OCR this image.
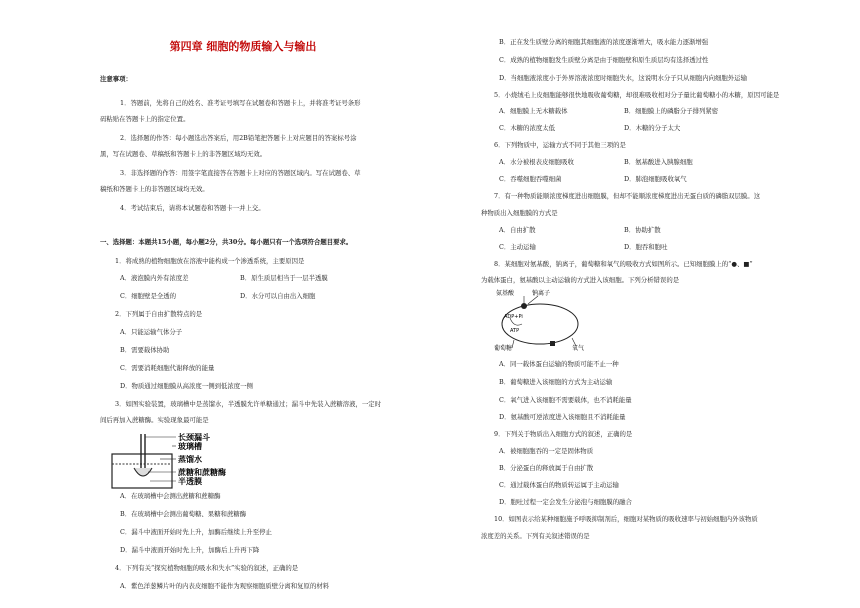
第四章 细胞的物质输入与输出
注意事项：
1．答题前，先将自己的姓名、准考证号填写在试题卷和答题卡上，并将准考证号条形
码粘贴在答题卡上的指定位置。
2．选择题的作答：每小题选出答案后，用2B铅笔把答题卡上对应题目的答案标号涂
黑，写在试题卷、草稿纸和答题卡上的非答题区域均无效。
3．非选择题的作答：用签字笔直接答在答题卡上对应的答题区域内。写在试题卷、草
稿纸和答题卡上的非答题区域均无效。
4．考试结束后，请将本试题卷和答题卡一并上交。
一、选择题：本题共15小题，每小题2分，共30分。每小题只有一个选项符合题目要求。
1．将成熟的植物细胞放在溶液中能构成一个渗透系统，主要原因是
A．液泡膜内外有浓度差	B．原生质层相当于一层半透膜
C．细胞壁是全透的	D．水分可以自由出入细胞
2．下列属于自由扩散特点的是
A．只能运输气体分子
B．需要载体协助
C．需要消耗细胞代谢释放的能量
D．物质通过细胞膜从高浓度一侧到低浓度一侧
3．如图实验装置，玻璃槽中是蒸馏水，半透膜允许单糖通过；漏斗中先装入蔗糖溶液，一定时
间后再加入蔗糖酶。实验现象最可能是
长颈漏斗
玻璃槽
蒸馏水
蔗糖和蔗糖酶
半透膜
A．在玻璃槽中会测出蔗糖和蔗糖酶
B．在玻璃槽中会测出葡萄糖、果糖和蔗糖酶
C．漏斗中液面开始时先上升，加酶后继续上升至停止
D．漏斗中液面开始时先上升，加酶后上升再下降
4．下列有关“探究植物细胞的吸水和失水”实验的叙述，正确的是
A．紫色洋葱鳞片叶的内表皮细胞不能作为观察细胞质壁分离和复原的材料
B．正在发生质壁分离的细胞其细胞液的浓度逐渐增大，吸水能力逐渐增强
C．成熟的植物细胞发生质壁分离是由于细胞壁和原生质层均有选择透过性
D．当细胞液浓度小于外界溶液浓度时细胞失水，这说明水分子只从细胞内向细胞外运输
5．小烧绒毛上皮细胞能够很快地吸收葡萄糖，却很难吸收相对分子量比葡萄糖小的木糖，原因可能是
A．细胞膜上无木糖载体	B．细胞膜上的磷脂分子排列紧密
C．木糖的浓度太低	D．木糖的分子太大
6．下列物质中，运输方式不同于其他三项的是
A．水分被根表皮细胞吸收	B．氨基酸进入胰腺细胞
C．吞噬细胞吞噬细菌	D．肺泡细胞吸收氧气
7．有一种物质能顺浓度梯度进出细胞膜，但却不能顺浓度梯度进出无蛋白质的磷脂双层膜。这
种物质出入细胞膜的方式是
A．自由扩散	B．协助扩散
C．主动运输	D．胞吞和胞吐
8．某细胞对氨基酸，钠离子，葡萄糖和氧气的吸收方式如图所示。已知细胞膜上的“●、■”
为载体蛋白，氨基酸以主动运输的方式进入该细胞。下列分析错误的是
氨基酸	钠离子
ADP+Pi
ATP
葡萄糖	氧气
A．同一载体蛋白运输的物质可能不止一种
B．葡萄糖进入该细胞的方式为主动运输
C．氧气进入该细胞不需要载体，也不消耗能量
D．氨基酸可逆浓度进入该细胞且不消耗能量
9．下列关于物质出入细胞方式的叙述，正确的是
A．被细胞胞吞的一定是固体物质
B．分泌蛋白的释放属于自由扩散
C．通过载体蛋白的物质转运属于主动运输
D．胞吐过程一定会发生分泌泡与细胞膜的融合
10．如图表示给某种细胞施予呼吸抑制剂后，细胞对某物质的吸收速率与初始细胞内外该物质
浓度差的关系。下列有关叙述错误的是
